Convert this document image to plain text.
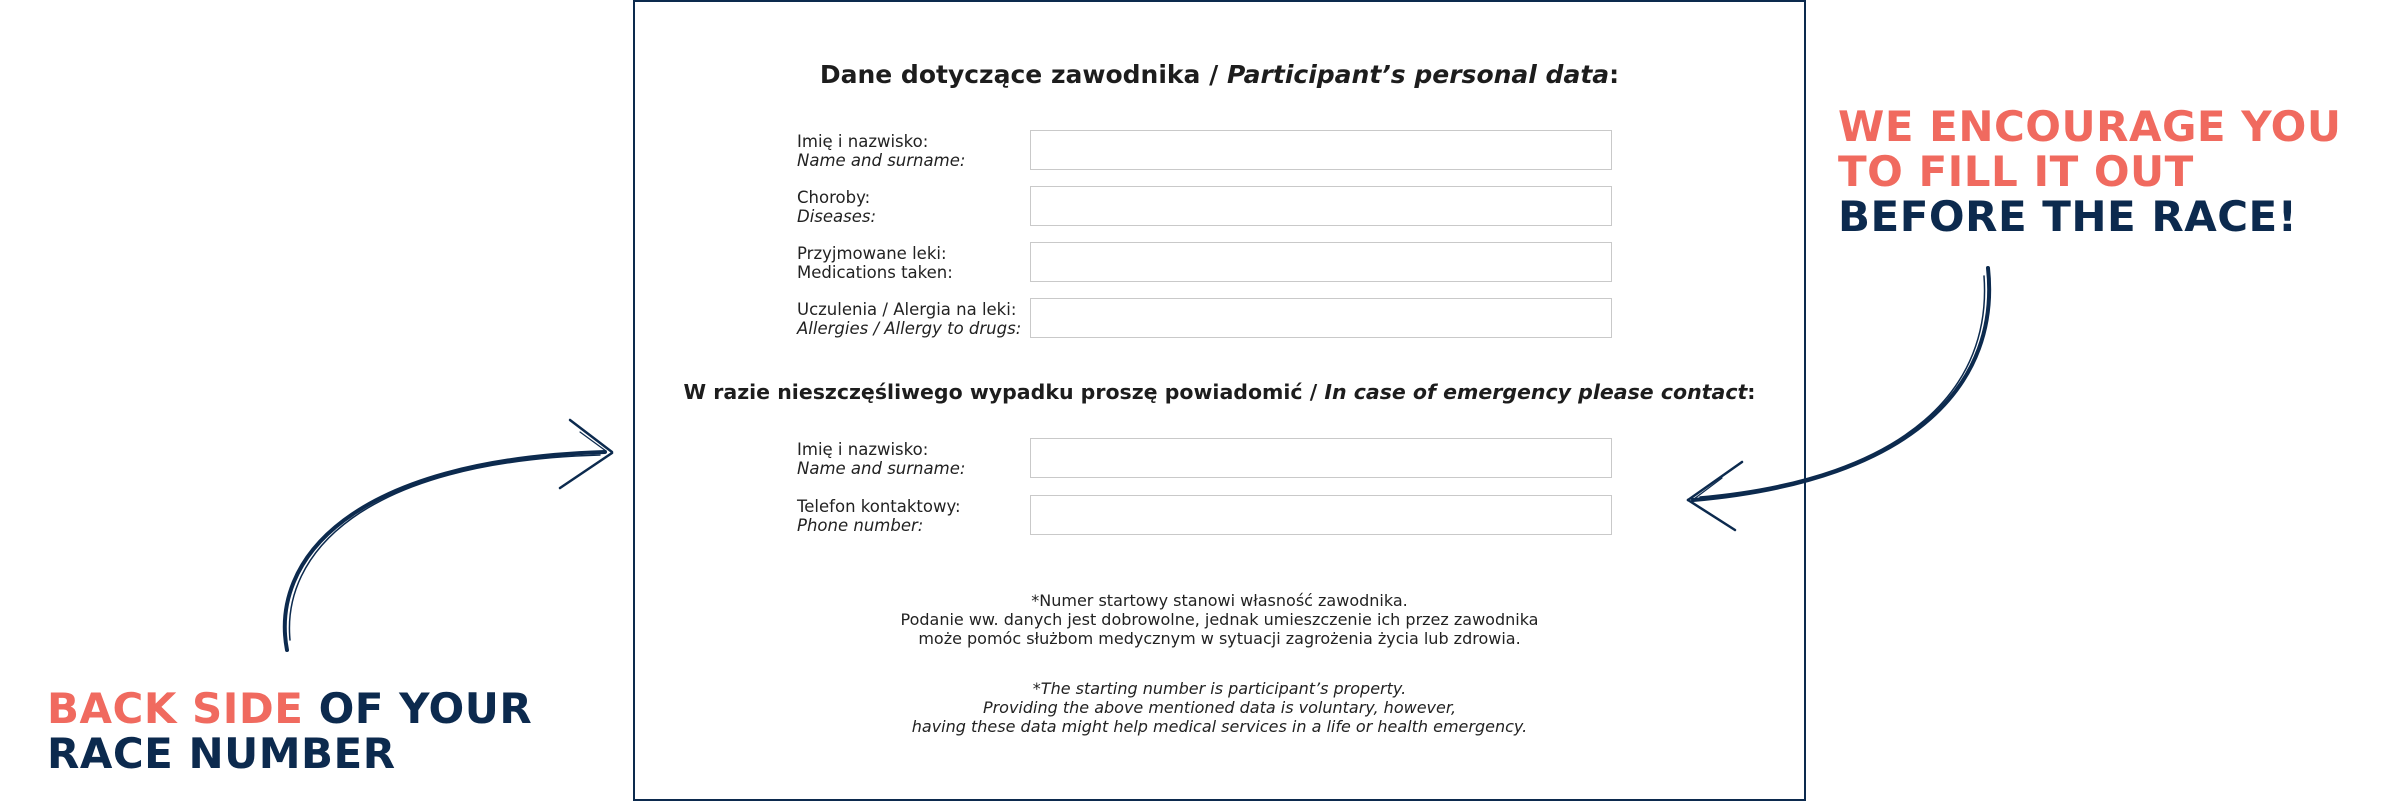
Dane dotyczące zawodnika / Participant’s personal data:
Imię i nazwisko:
Name and surname:
Choroby:
Diseases:
Przyjmowane leki:
Medications taken:
Uczulenia / Alergia na leki:
Allergies / Allergy to drugs:
W razie nieszczęśliwego wypadku proszę powiadomić / In case of emergency please contact:
Imię i nazwisko:
Name and surname:
Telefon kontaktowy:
Phone number:
*Numer startowy stanowi własność zawodnika.
Podanie ww. danych jest dobrowolne, jednak umieszczenie ich przez zawodnika
może pomóc służbom medycznym w sytuacji zagrożenia życia lub zdrowia.
*The starting number is participant’s property.
Providing the above mentioned data is voluntary, however,
having these data might help medical services in a life or health emergency.
WE ENCOURAGE YOU
TO FILL IT OUT
BEFORE THE RACE!
BACK SIDE OF YOUR
RACE NUMBER
